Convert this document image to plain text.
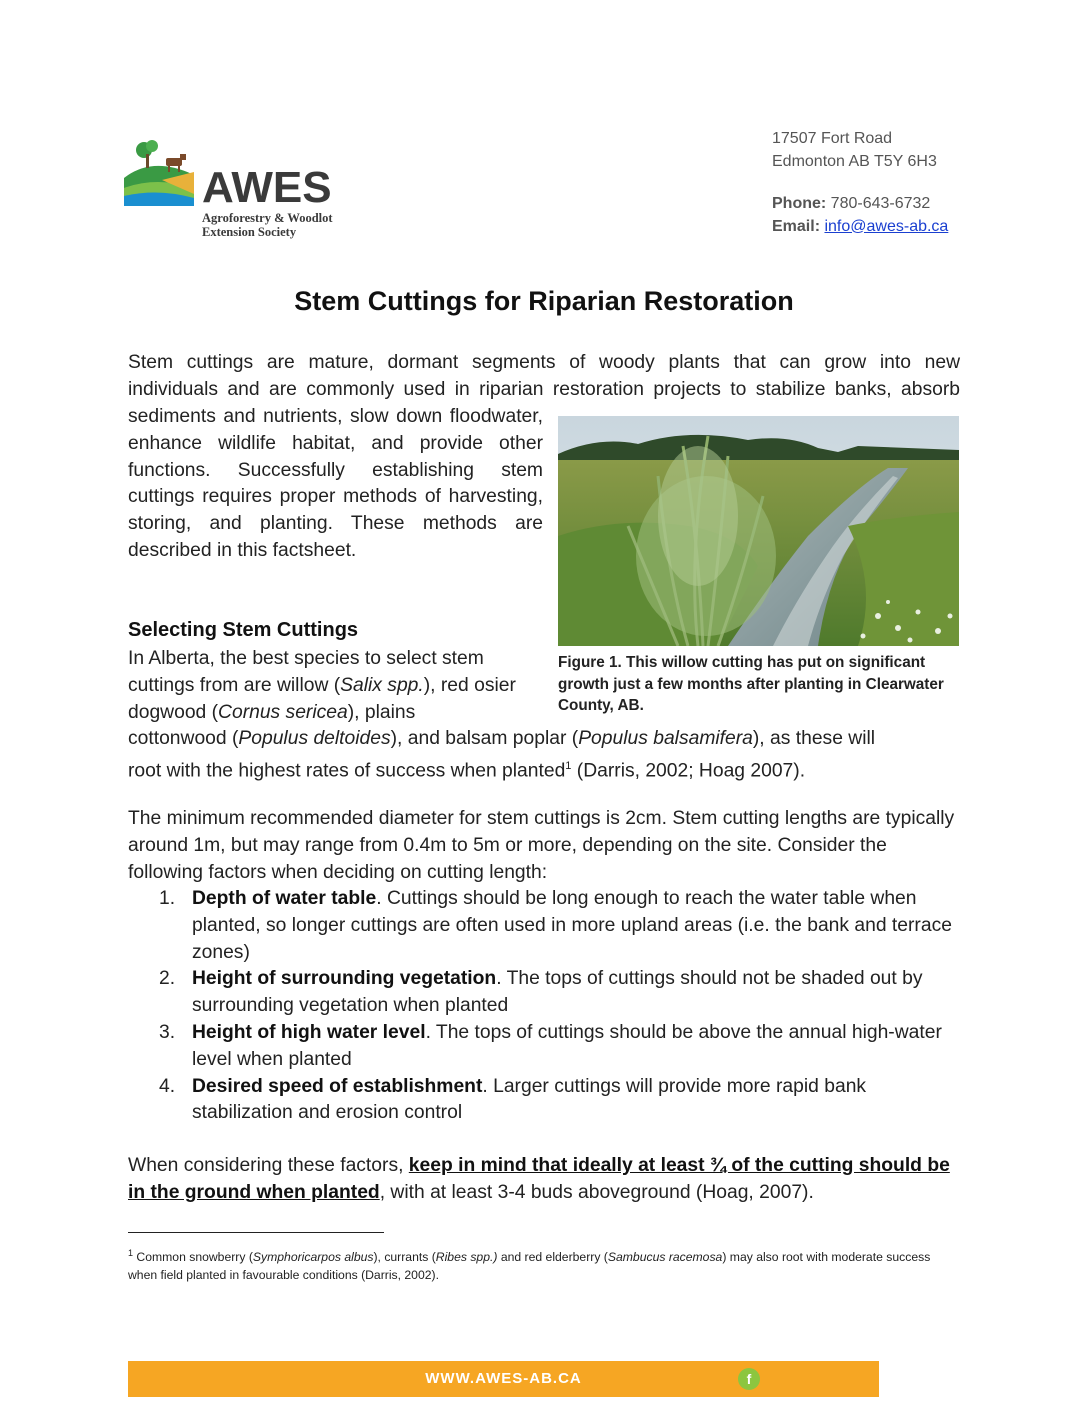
AWES
Agroforestry & Woodlot
Extension Society
17507 Fort Road
Edmonton AB T5Y 6H3
Phone: 780-643-6732
Email: info@awes-ab.ca
Stem Cuttings for Riparian Restoration
Stem cuttings are mature, dormant segments of woody plants that can grow into new
individuals and are commonly used in riparian restoration projects to stabilize banks, absorb
sediments and nutrients, slow down floodwater, enhance wildlife habitat, and provide other functions. Successfully establishing stem cuttings requires proper methods of harvesting, storing, and planting. These methods are described in this factsheet.
Figure 1. This willow cutting has put on significant growth just a few months after planting in Clearwater County, AB.
Selecting Stem Cuttings
In Alberta, the best species to select stem cuttings from are willow (Salix spp.), red osier dogwood (Cornus sericea), plains
cottonwood (Populus deltoides), and balsam poplar (Populus balsamifera), as these will
root with the highest rates of success when planted$^1$ (Darris, 2002; Hoag 2007).
The minimum recommended diameter for stem cuttings is 2cm. Stem cutting lengths are typically around 1m, but may range from 0.4m to 5m or more, depending on the site. Consider the following factors when deciding on cutting length:
1. Depth of water table. Cuttings should be long enough to reach the water table when planted, so longer cuttings are often used in more upland areas (i.e. the bank and terrace zones)
2. Height of surrounding vegetation. The tops of cuttings should not be shaded out by surrounding vegetation when planted
3. Height of high water level. The tops of cuttings should be above the annual high-water level when planted
4. Desired speed of establishment. Larger cuttings will provide more rapid bank stabilization and erosion control
When considering these factors, keep in mind that ideally at least ¾ of the cutting should be in the ground when planted, with at least 3-4 buds aboveground (Hoag, 2007).
$^1$ Common snowberry (Symphoricarpos albus), currants (Ribes spp.) and red elderberry (Sambucus racemosa) may also root with moderate success when field planted in favourable conditions (Darris, 2002).
WWW.AWES-AB.CA	f
